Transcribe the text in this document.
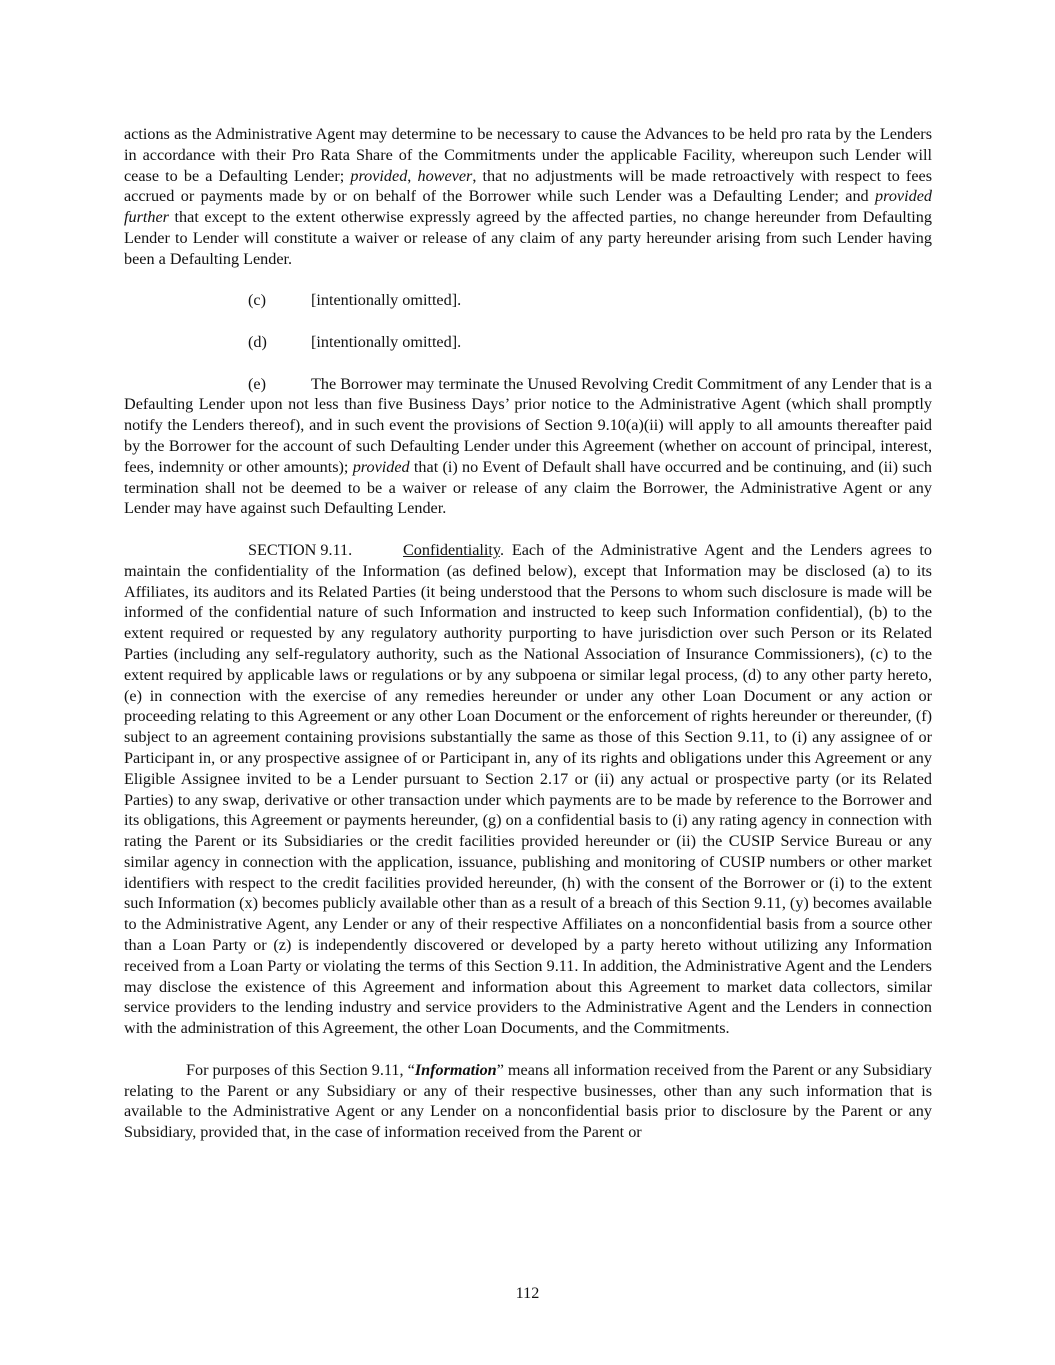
actions as the Administrative Agent may determine to be necessary to cause the Advances to be held pro rata by the Lenders in accordance with their Pro Rata Share of the Commitments under the applicable Facility, whereupon such Lender will cease to be a Defaulting Lender; provided, however, that no adjustments will be made retroactively with respect to fees accrued or payments made by or on behalf of the Borrower while such Lender was a Defaulting Lender; and provided further that except to the extent otherwise expressly agreed by the affected parties, no change hereunder from Defaulting Lender to Lender will constitute a waiver or release of any claim of any party hereunder arising from such Lender having been a Defaulting Lender.

(c)	[intentionally omitted].

(d)	[intentionally omitted].

(e)	The Borrower may terminate the Unused Revolving Credit Commitment of any Lender that is a Defaulting Lender upon not less than five Business Days’ prior notice to the Administrative Agent (which shall promptly notify the Lenders thereof), and in such event the provisions of Section 9.10(a)(ii) will apply to all amounts thereafter paid by the Borrower for the account of such Defaulting Lender under this Agreement (whether on account of principal, interest, fees, indemnity or other amounts); provided that (i) no Event of Default shall have occurred and be continuing, and (ii) such termination shall not be deemed to be a waiver or release of any claim the Borrower, the Administrative Agent or any Lender may have against such Defaulting Lender.

SECTION 9.11.	Confidentiality. Each of the Administrative Agent and the Lenders agrees to maintain the confidentiality of the Information (as defined below), except that Information may be disclosed (a) to its Affiliates, its auditors and its Related Parties (it being understood that the Persons to whom such disclosure is made will be informed of the confidential nature of such Information and instructed to keep such Information confidential), (b) to the extent required or requested by any regulatory authority purporting to have jurisdiction over such Person or its Related Parties (including any self-regulatory authority, such as the National Association of Insurance Commissioners), (c) to the extent required by applicable laws or regulations or by any subpoena or similar legal process, (d) to any other party hereto, (e) in connection with the exercise of any remedies hereunder or under any other Loan Document or any action or proceeding relating to this Agreement or any other Loan Document or the enforcement of rights hereunder or thereunder, (f) subject to an agreement containing provisions substantially the same as those of this Section 9.11, to (i) any assignee of or Participant in, or any prospective assignee of or Participant in, any of its rights and obligations under this Agreement or any Eligible Assignee invited to be a Lender pursuant to Section 2.17 or (ii) any actual or prospective party (or its Related Parties) to any swap, derivative or other transaction under which payments are to be made by reference to the Borrower and its obligations, this Agreement or payments hereunder, (g) on a confidential basis to (i) any rating agency in connection with rating the Parent or its Subsidiaries or the credit facilities provided hereunder or (ii) the CUSIP Service Bureau or any similar agency in connection with the application, issuance, publishing and monitoring of CUSIP numbers or other market identifiers with respect to the credit facilities provided hereunder, (h) with the consent of the Borrower or (i) to the extent such Information (x) becomes publicly available other than as a result of a breach of this Section 9.11, (y) becomes available to the Administrative Agent, any Lender or any of their respective Affiliates on a nonconfidential basis from a source other than a Loan Party or (z) is independently discovered or developed by a party hereto without utilizing any Information received from a Loan Party or violating the terms of this Section 9.11. In addition, the Administrative Agent and the Lenders may disclose the existence of this Agreement and information about this Agreement to market data collectors, similar service providers to the lending industry and service providers to the Administrative Agent and the Lenders in connection with the administration of this Agreement, the other Loan Documents, and the Commitments.

For purposes of this Section 9.11, “Information” means all information received from the Parent or any Subsidiary relating to the Parent or any Subsidiary or any of their respective businesses, other than any such information that is available to the Administrative Agent or any Lender on a nonconfidential basis prior to disclosure by the Parent or any Subsidiary, provided that, in the case of information received from the Parent or

112
